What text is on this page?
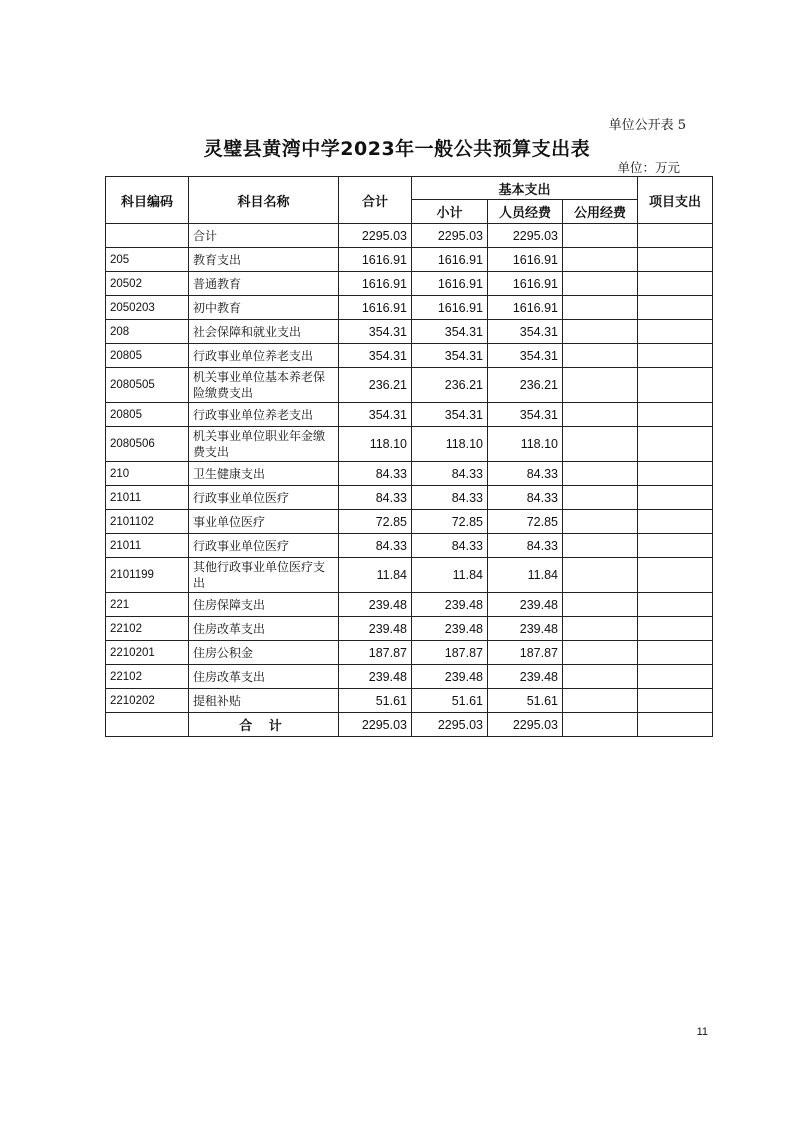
单位公开表 5
灵璧县黄湾中学2023年一般公共预算支出表
单位：万元
科目编码	科目名称	合计	基本支出			项目支出
			小计	人员经费	公用经费	
	合计	2295.03	2295.03	2295.03		
205	教育支出	1616.91	1616.91	1616.91		
20502	普通教育	1616.91	1616.91	1616.91		
2050203	初中教育	1616.91	1616.91	1616.91		
208	社会保障和就业支出	354.31	354.31	354.31		
20805	行政事业单位养老支出	354.31	354.31	354.31		
2080505	机关事业单位基本养老保险缴费支出	236.21	236.21	236.21		
20805	行政事业单位养老支出	354.31	354.31	354.31		
2080506	机关事业单位职业年金缴费支出	118.10	118.10	118.10		
210	卫生健康支出	84.33	84.33	84.33		
21011	行政事业单位医疗	84.33	84.33	84.33		
2101102	事业单位医疗	72.85	72.85	72.85		
21011	行政事业单位医疗	84.33	84.33	84.33		
2101199	其他行政事业单位医疗支出	11.84	11.84	11.84		
221	住房保障支出	239.48	239.48	239.48		
22102	住房改革支出	239.48	239.48	239.48		
2210201	住房公积金	187.87	187.87	187.87		
22102	住房改革支出	239.48	239.48	239.48		
2210202	提租补贴	51.61	51.61	51.61		
	合 计	2295.03	2295.03	2295.03		
11
